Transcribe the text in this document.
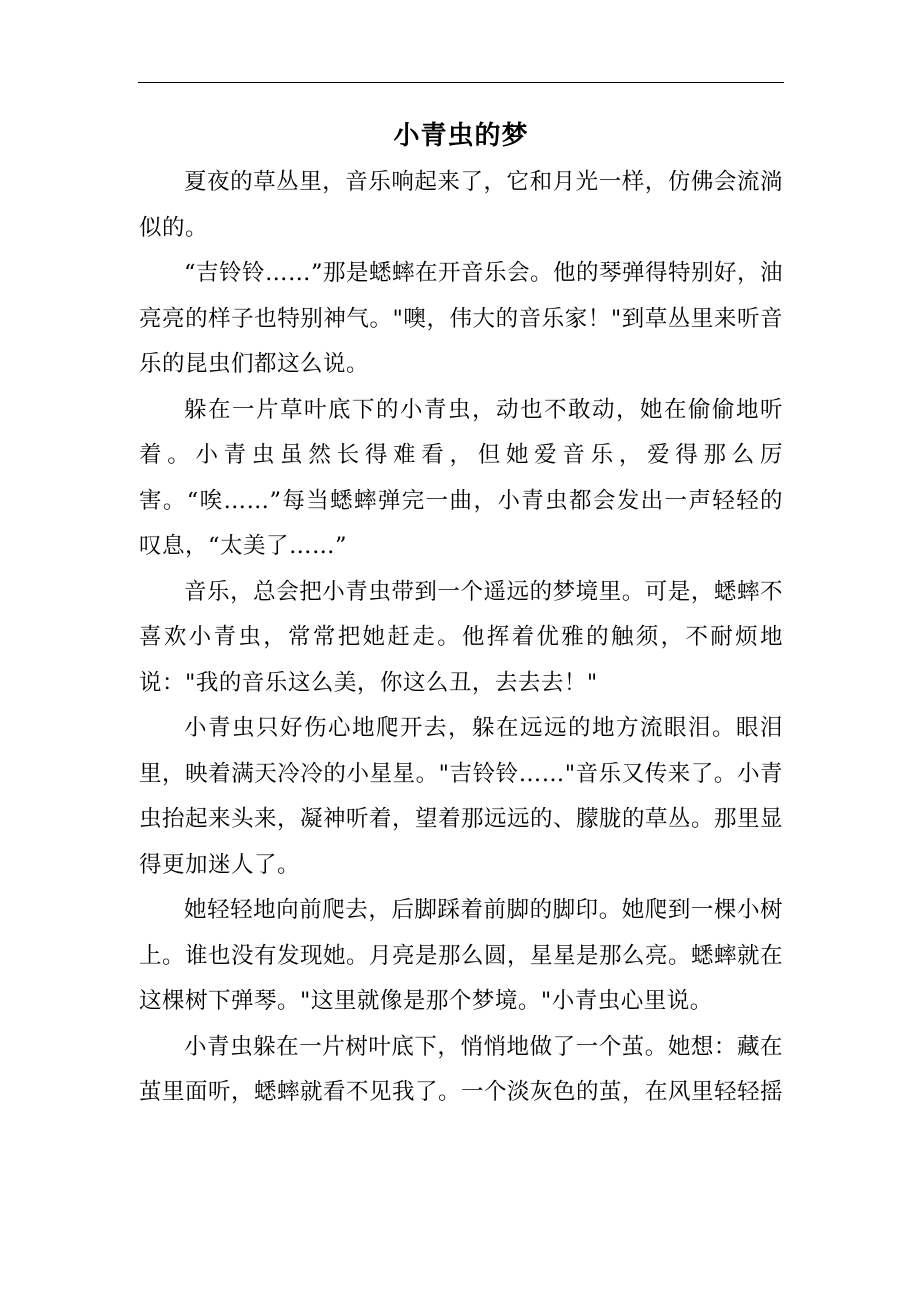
小青虫的梦

夏夜的草丛里，音乐响起来了，它和月光一样，仿佛会流淌似的。

“吉铃铃……”那是蟋蟀在开音乐会。他的琴弹得特别好，油亮亮的样子也特别神气。"噢，伟大的音乐家！"到草丛里来听音乐的昆虫们都这么说。

躲在一片草叶底下的小青虫，动也不敢动，她在偷偷地听着。小青虫虽然长得难看，但她爱音乐，爱得那么厉害。“唉……”每当蟋蟀弹完一曲，小青虫都会发出一声轻轻的叹息，“太美了……”

音乐，总会把小青虫带到一个遥远的梦境里。可是，蟋蟀不喜欢小青虫，常常把她赶走。他挥着优雅的触须，不耐烦地说："我的音乐这么美，你这么丑，去去去！"

小青虫只好伤心地爬开去，躲在远远的地方流眼泪。眼泪里，映着满天冷冷的小星星。"吉铃铃……"音乐又传来了。小青虫抬起来头来，凝神听着，望着那远远的、朦胧的草丛。那里显得更加迷人了。

她轻轻地向前爬去，后脚踩着前脚的脚印。她爬到一棵小树上。谁也没有发现她。月亮是那么圆，星星是那么亮。蟋蟀就在这棵树下弹琴。"这里就像是那个梦境。"小青虫心里说。

小青虫躲在一片树叶底下，悄悄地做了一个茧。她想：藏在茧里面听，蟋蟀就看不见我了。一个淡灰色的茧，在风里轻轻摇
